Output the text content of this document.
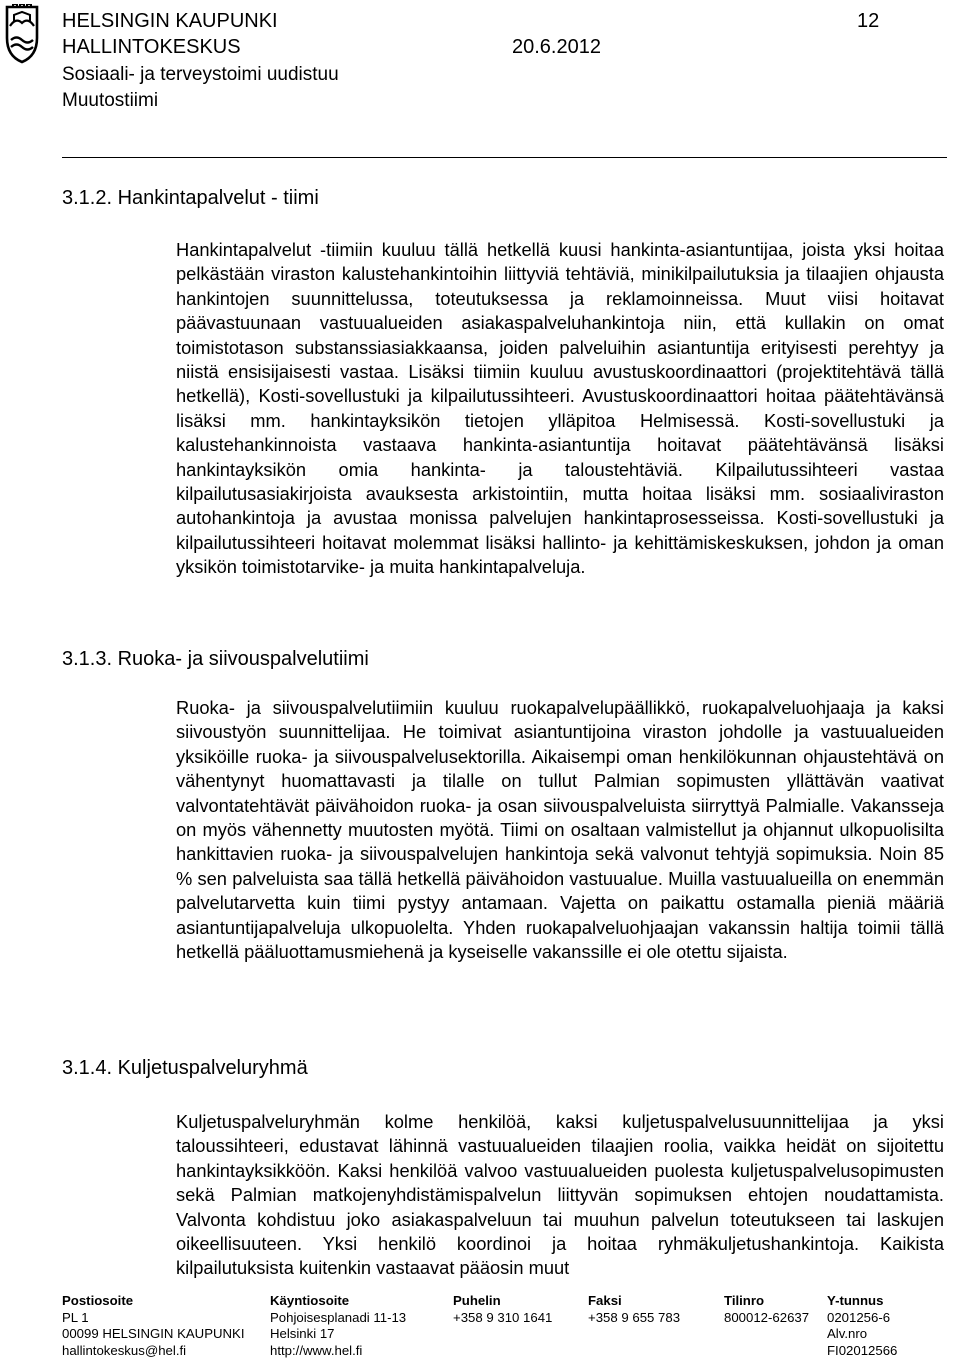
HELSINGIN KAUPUNKI	12
HALLINTOKESKUS	20.6.2012
Sosiaali- ja terveystoimi uudistuu
Muutostiimi
3.1.2. Hankintapalvelut - tiimi

Hankintapalvelut -tiimiin kuuluu tällä hetkellä kuusi hankinta-asiantuntijaa, joista yksi hoitaa pelkästään viraston kalustehankintoihin liittyviä tehtäviä, minikilpailutuksia ja tilaajien ohjausta hankintojen suunnittelussa, toteutuksessa ja reklamoinneissa. Muut viisi hoitavat päävastuunaan vastuualueiden asiakaspalveluhankintoja niin, että kullakin on omat toimistotason substanssiasiakkaansa, joiden palveluihin asiantuntija erityisesti perehtyy ja niistä ensisijaisesti vastaa. Lisäksi tiimiin kuuluu avustuskoordinaattori (projektitehtävä tällä hetkellä), Kosti-sovellustuki ja kilpailutussihteeri. Avustuskoordinaattori hoitaa päätehtävänsä lisäksi mm. hankintayksikön tietojen ylläpitoa Helmisessä. Kosti-sovellustuki ja kalustehankinnoista vastaava hankinta-asiantuntija hoitavat päätehtävänsä lisäksi hankintayksikön omia hankinta- ja taloustehtäviä. Kilpailutussihteeri vastaa kilpailutusasiakirjoista avauksesta arkistointiin, mutta hoitaa lisäksi mm. sosiaaliviraston autohankintoja ja avustaa monissa palvelujen hankintaprosesseissa. Kosti-sovellustuki ja kilpailutussihteeri hoitavat molemmat lisäksi hallinto- ja kehittämiskeskuksen, johdon ja oman yksikön toimistotarvike- ja muita hankintapalveluja.

3.1.3. Ruoka- ja siivouspalvelutiimi

Ruoka- ja siivouspalvelutiimiin kuuluu ruokapalvelupäällikkö, ruokapalveluohjaaja ja kaksi siivoustyön suunnittelijaa. He toimivat asiantuntijoina viraston johdolle ja vastuualueiden yksiköille ruoka- ja siivouspalvelusektorilla. Aikaisempi oman henkilökunnan ohjaustehtävä on vähentynyt huomattavasti ja tilalle on tullut Palmian sopimusten yllättävän vaativat valvontatehtävät päivähoidon ruoka- ja osan siivouspalveluista siirryttyä Palmialle. Vakansseja on myös vähennetty muutosten myötä. Tiimi on osaltaan valmistellut ja ohjannut ulkopuolisilta hankittavien ruoka- ja siivouspalvelujen hankintoja sekä valvonut tehtyjä sopimuksia. Noin 85 % sen palveluista saa tällä hetkellä päivähoidon vastuualue. Muilla vastuualueilla on enemmän palvelutarvetta kuin tiimi pystyy antamaan. Vajetta on paikattu ostamalla pieniä määriä asiantuntijapalveluja ulkopuolelta. Yhden ruokapalveluohjaajan vakanssin haltija toimii tällä hetkellä pääluottamusmiehenä ja kyseiselle vakanssille ei ole otettu sijaista.

3.1.4. Kuljetuspalveluryhmä

Kuljetuspalveluryhmän kolme henkilöä, kaksi kuljetuspalvelusuunnittelijaa ja yksi taloussihteeri, edustavat lähinnä vastuualueiden tilaajien roolia, vaikka heidät on sijoitettu hankintayksikköön. Kaksi henkilöä valvoo vastuualueiden puolesta kuljetuspalvelusopimusten sekä Palmian matkojenyhdistämispalvelun liittyvän sopimuksen ehtojen noudattamista. Valvonta kohdistuu joko asiakaspalveluun tai muuhun palvelun toteutukseen tai laskujen oikeellisuuteen. Yksi henkilö koordinoi ja hoitaa ryhmäkuljetushankintoja. Kaikista kilpailutuksista kuitenkin vastaavat pääosin muut

Postiosoite
PL 1
00099 HELSINGIN KAUPUNKI
hallintokeskus@hel.fi
Käyntiosoite
Pohjoisesplanadi 11-13
Helsinki 17
http://www.hel.fi
Puhelin
+358 9 310 1641
Faksi
+358 9 655 783
Tilinro
800012-62637
Y-tunnus
0201256-6
Alv.nro
FI02012566
